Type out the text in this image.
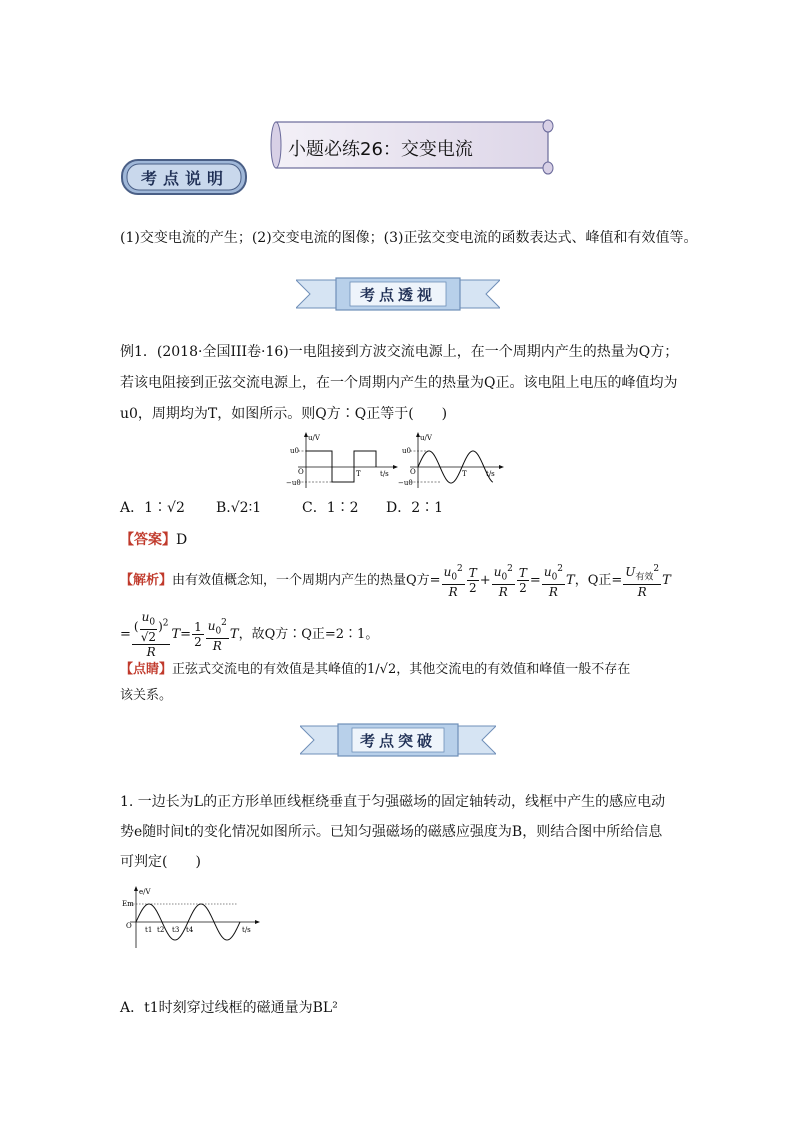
小题必练26：交变电流
考点说明
(1)交变电流的产生；(2)交变电流的图像；(3)正弦交变电流的函数表达式、峰值和有效值等。
考点透视
例1．(2018·全国III卷·16)一电阻接到方波交流电源上，在一个周期内产生的热量为Q方；
若该电阻接到正弦交流电源上，在一个周期内产生的热量为Q正。该电阻上电压的峰值均为
u0，周期均为T，如图所示。则Q方∶Q正等于(　　)
u/V
u0
O
−u0
T	t/s
u/V
u0
O
−u0
T	t/s
A．1∶√2 B.√2∶1	C．1∶2 D．2∶1
【答案】D
【解析】由有效值概念知，一个周期内产生的热量Q方= $\frac{u_0^2}{R} \frac{T}{2} + \frac{u_0^2}{R} \frac{T}{2} = \frac{u_0^2}{R}$ T，Q正= $\frac{U_{有效}^2}{R}$ T
= $\frac{( \frac{u_0}{√2} )^2}{R} T= \frac{1}{2} \frac{u_0^2}{R}$ T，故Q方∶Q正=2∶1。
【点睛】正弦式交流电的有效值是其峰值的1/√2，其他交流电的有效值和峰值一般不存在
该关系。
考点突破
1. 一边长为L的正方形单匝线框绕垂直于匀强磁场的固定轴转动，线框中产生的感应电动
势e随时间t的变化情况如图所示。已知匀强磁场的磁感应强度为B，则结合图中所给信息
可判定(　　)
e/V
Em
O t1 t2 t3 t4	t/s
A．t1时刻穿过线框的磁通量为BL²
